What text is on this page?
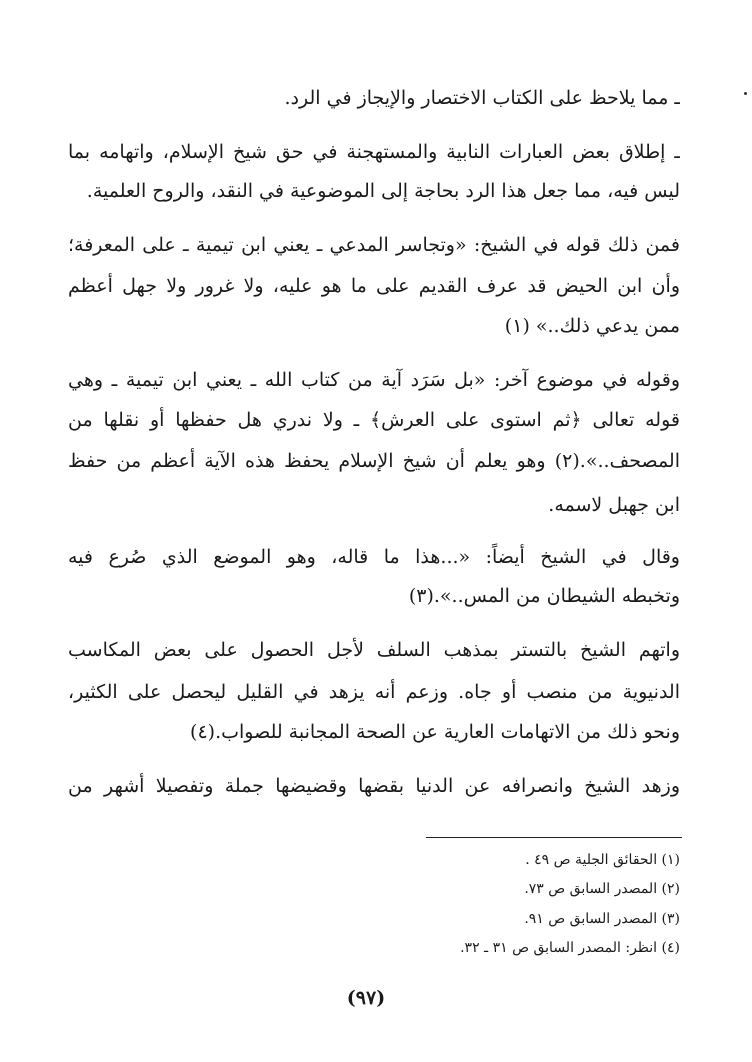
ـ مما يلاحظ على الكتاب الاختصار والإيجاز في الرد.
ـ إطلاق بعض العبارات النابية والمستهجنة في حق شيخ الإسلام، واتهامه بما
ليس فيه، مما جعل هذا الرد بحاجة إلى الموضوعية في النقد، والروح العلمية.
فمن ذلك قوله في الشيخ: «وتجاسر المدعي ـ يعني ابن تيمية ـ على المعرفة؛
وأن ابن الحيض قد عرف القديم على ما هو عليه، ولا غرور ولا جهل أعظم
ممن يدعي ذلك..» (١)
وقوله في موضوع آخر: «بل سَرَد آية من كتاب الله ـ يعني ابن تيمية ـ وهي
قوله تعالى ﴿ثم استوى على العرش﴾ ـ ولا ندري هل حفظها أو نقلها من
المصحف..».(٢) وهو يعلم أن شيخ الإسلام يحفظ هذه الآية أعظم من حفظ
ابن جهبل لاسمه.
وقال في الشيخ أيضاً: «...هذا ما قاله، وهو الموضع الذي صُرع فيه
وتخبطه الشيطان من المس..».(٣)
واتهم الشيخ بالتستر بمذهب السلف لأجل الحصول على بعض المكاسب
الدنيوية من منصب أو جاه. وزعم أنه يزهد في القليل ليحصل على الكثير،
ونحو ذلك من الاتهامات العارية عن الصحة المجانبة للصواب.(٤)
وزهد الشيخ وانصرافه عن الدنيا بقضها وقضيضها جملة وتفصيلا أشهر من
(١) الحقائق الجلية ص ٤٩ .
(٢) المصدر السابق ص ٧٣.
(٣) المصدر السابق ص ٩١.
(٤) انظر: المصدر السابق ص ٣١ ـ ٣٢.
(٩٧)
